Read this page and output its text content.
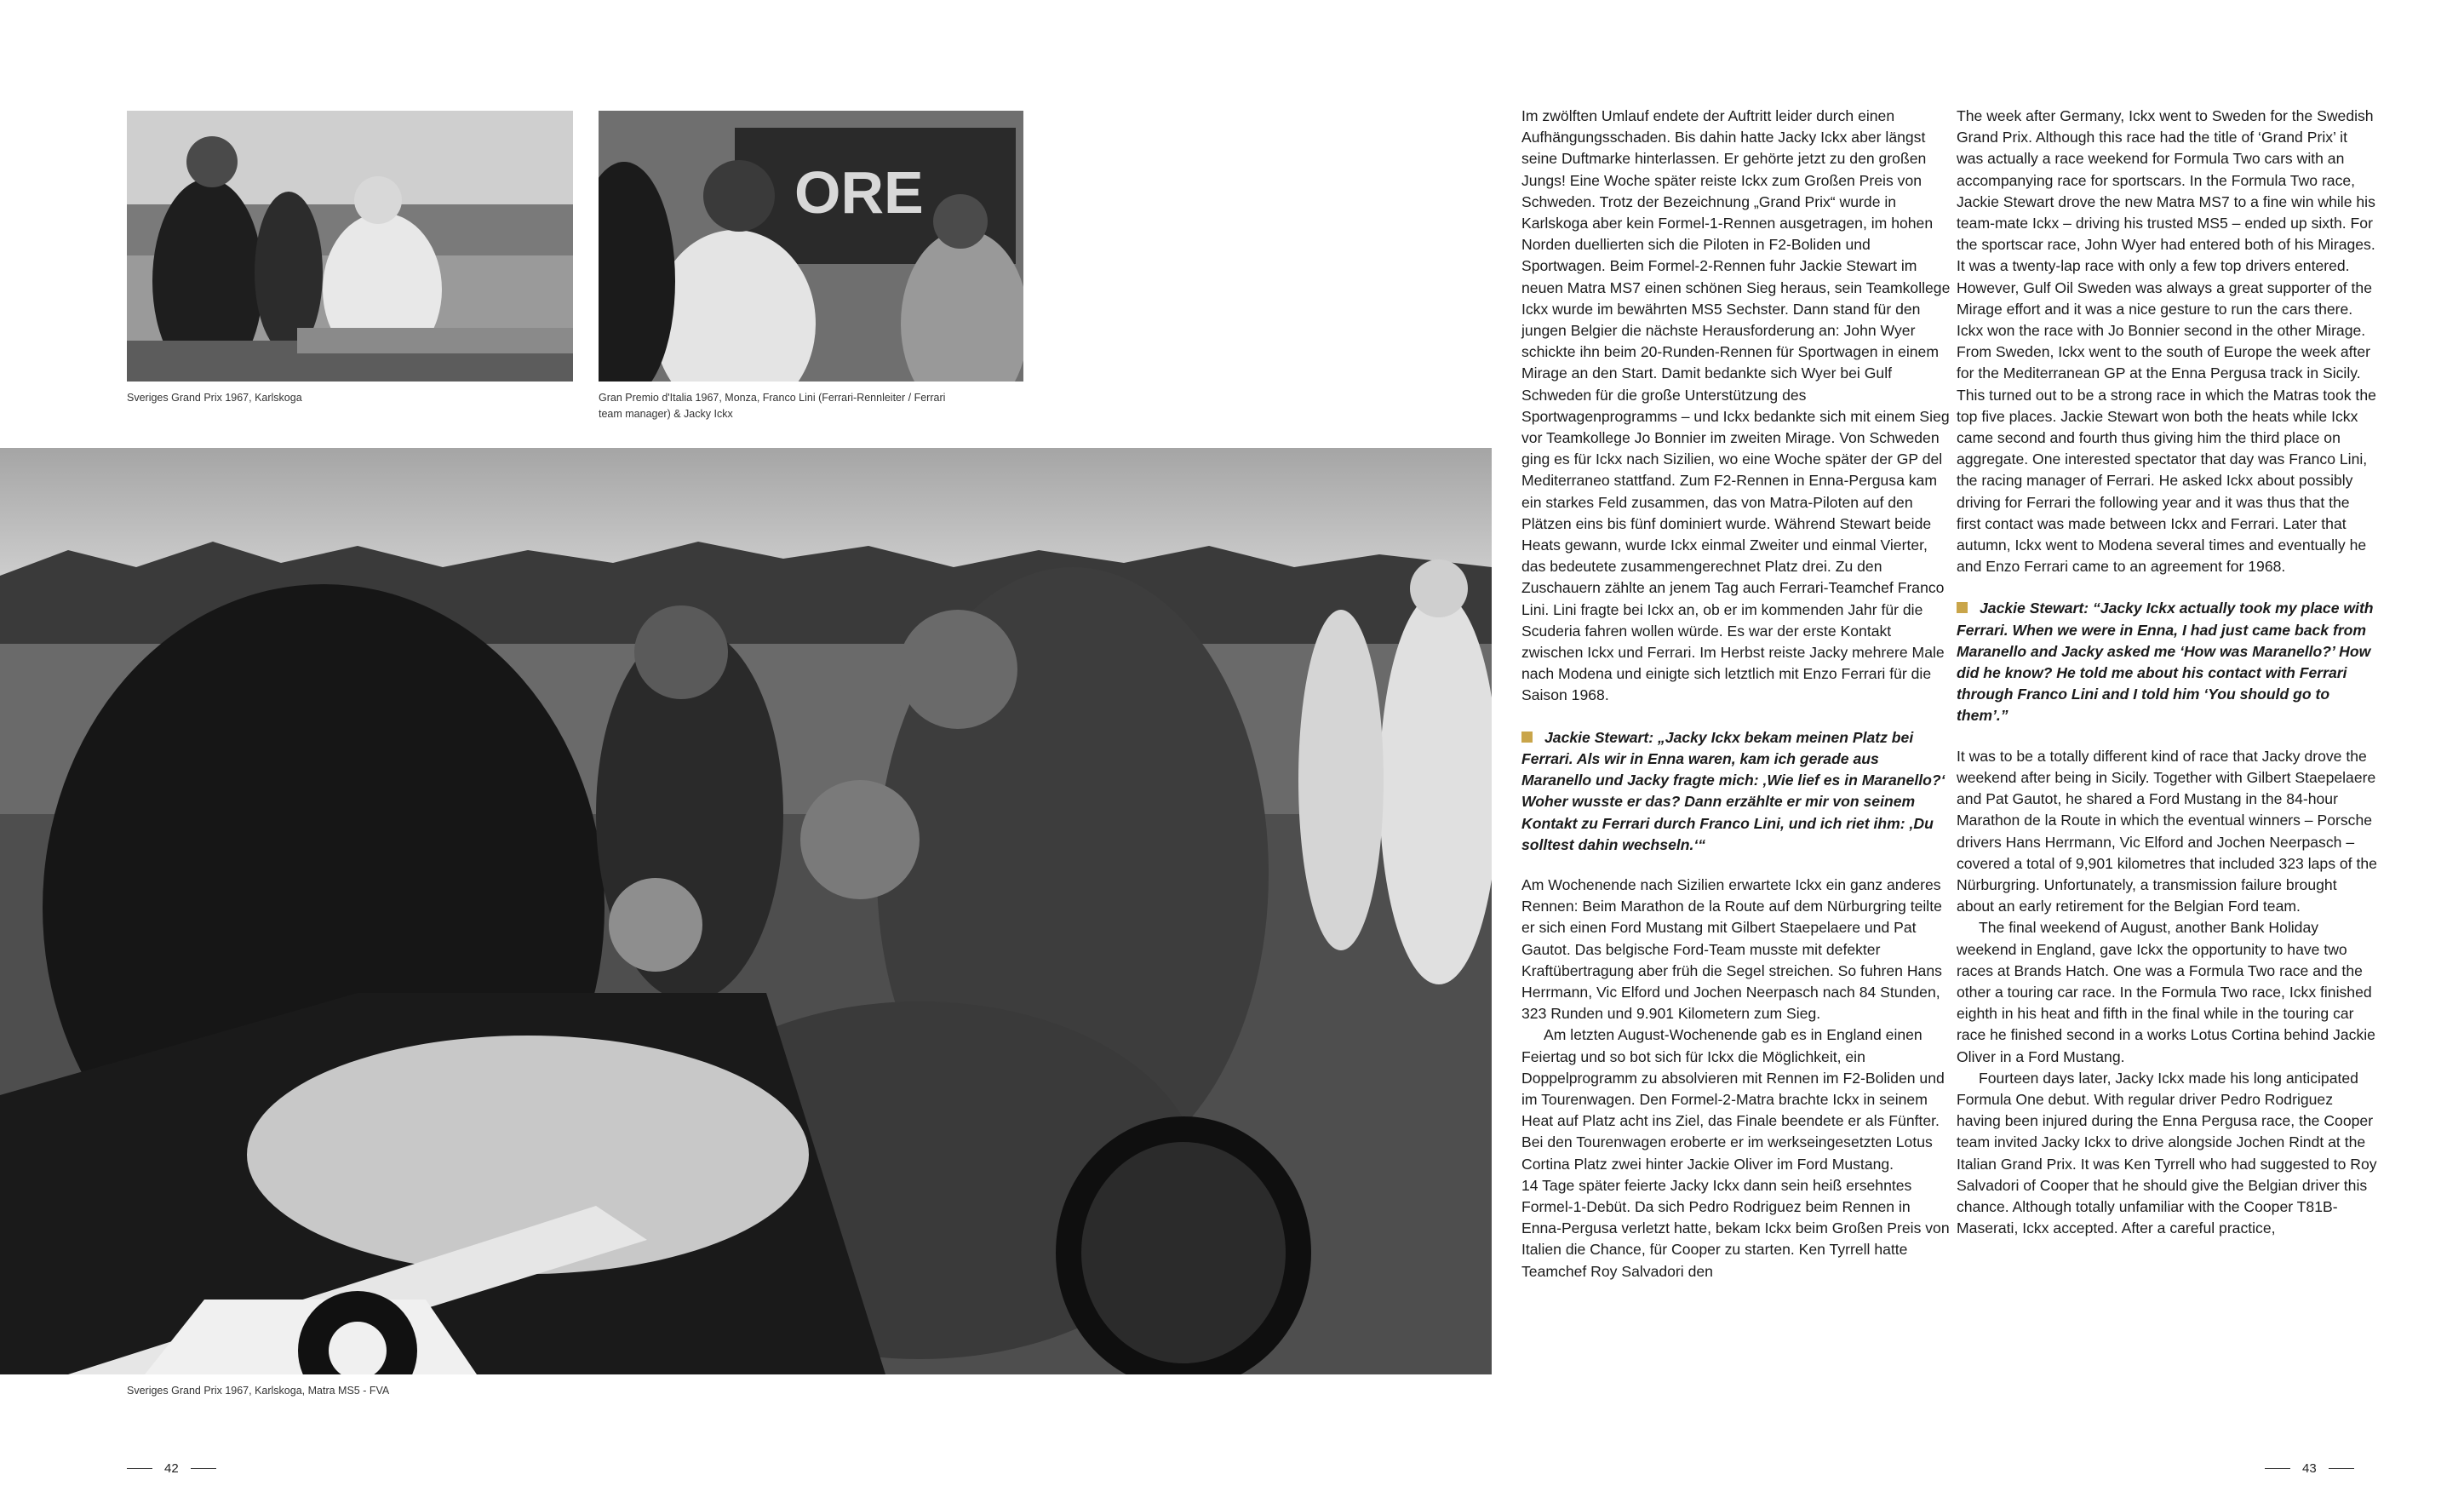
Sveriges Grand Prix 1967, Karlskoga
ORE
Gran Premio d'Italia 1967, Monza, Franco Lini (Ferrari-Rennleiter / Ferrari
team manager) & Jacky Ickx
Sveriges Grand Prix 1967, Karlskoga, Matra MS5 - FVA
42

Im zwölften Umlauf endete der Auftritt leider durch einen Aufhängungsschaden. Bis dahin hatte Jacky Ickx aber längst seine Duftmarke hinterlassen. Er gehörte jetzt zu den großen Jungs! Eine Woche später reiste Ickx zum Großen Preis von Schweden. Trotz der Bezeichnung „Grand Prix“ wurde in Karlskoga aber kein Formel-1-Rennen ausgetragen, im hohen Norden duellierten sich die Piloten in F2-Boliden und Sportwagen. Beim Formel-2-Rennen fuhr Jackie Stewart im neuen Matra MS7 einen schönen Sieg heraus, sein Teamkollege Ickx wurde im bewährten MS5 Sechster. Dann stand für den jungen Belgier die nächste Herausforderung an: John Wyer schickte ihn beim 20-Runden-Rennen für Sportwagen in einem Mirage an den Start. Damit bedankte sich Wyer bei Gulf Schweden für die große Unterstützung des Sportwagenprogramms – und Ickx bedankte sich mit einem Sieg vor Teamkollege Jo Bonnier im zweiten Mirage. Von Schweden ging es für Ickx nach Sizilien, wo eine Woche später der GP del Mediterraneo stattfand. Zum F2-Rennen in Enna-Pergusa kam ein starkes Feld zusammen, das von Matra-Piloten auf den Plätzen eins bis fünf dominiert wurde. Während Stewart beide Heats gewann, wurde Ickx einmal Zweiter und einmal Vierter, das bedeutete zusammengerechnet Platz drei. Zu den Zuschauern zählte an jenem Tag auch Ferrari-Teamchef Franco Lini. Lini fragte bei Ickx an, ob er im kommenden Jahr für die Scuderia fahren wollen würde. Es war der erste Kontakt zwischen Ickx und Ferrari. Im Herbst reiste Jacky mehrere Male nach Modena und einigte sich letztlich mit Enzo Ferrari für die Saison 1968.

Jackie Stewart: „Jacky Ickx bekam meinen Platz bei Ferrari. Als wir in Enna waren, kam ich gerade aus Maranello und Jacky fragte mich: ‚Wie lief es in Maranello?‘ Woher wusste er das? Dann erzählte er mir von seinem Kontakt zu Ferrari durch Franco Lini, und ich riet ihm: ‚Du solltest dahin wechseln.‘“

Am Wochenende nach Sizilien erwartete Ickx ein ganz anderes Rennen: Beim Marathon de la Route auf dem Nürburgring teilte er sich einen Ford Mustang mit Gilbert Staepelaere und Pat Gautot. Das belgische Ford-Team musste mit defekter Kraftübertragung aber früh die Segel streichen. So fuhren Hans Herrmann, Vic Elford und Jochen Neerpasch nach 84 Stunden, 323 Runden und 9.901 Kilometern zum Sieg.

Am letzten August-Wochenende gab es in England einen Feiertag und so bot sich für Ickx die Möglichkeit, ein Doppelprogramm zu absolvieren mit Rennen im F2-Boliden und im Tourenwagen. Den Formel-2-Matra brachte Ickx in seinem Heat auf Platz acht ins Ziel, das Finale beendete er als Fünfter. Bei den Tourenwagen eroberte er im werkseingesetzten Lotus Cortina Platz zwei hinter Jackie Oliver im Ford Mustang.

14 Tage später feierte Jacky Ickx dann sein heiß ersehntes Formel-1-Debüt. Da sich Pedro Rodriguez beim Rennen in Enna-Pergusa verletzt hatte, bekam Ickx beim Großen Preis von Italien die Chance, für Cooper zu starten. Ken Tyrrell hatte Teamchef Roy Salvadori den

The week after Germany, Ickx went to Sweden for the Swedish Grand Prix. Although this race had the title of ‘Grand Prix’ it was actually a race weekend for Formula Two cars with an accompanying race for sportscars. In the Formula Two race, Jackie Stewart drove the new Matra MS7 to a fine win while his team-mate Ickx – driving his trusted MS5 – ended up sixth. For the sportscar race, John Wyer had entered both of his Mirages. It was a twenty-lap race with only a few top drivers entered. However, Gulf Oil Sweden was always a great supporter of the Mirage effort and it was a nice gesture to run the cars there. Ickx won the race with Jo Bonnier second in the other Mirage. From Sweden, Ickx went to the south of Europe the week after for the Mediterranean GP at the Enna Pergusa track in Sicily. This turned out to be a strong race in which the Matras took the top five places. Jackie Stewart won both the heats while Ickx came second and fourth thus giving him the third place on aggregate. One interested spectator that day was Franco Lini, the racing manager of Ferrari. He asked Ickx about possibly driving for Ferrari the following year and it was thus that the first contact was made between Ickx and Ferrari. Later that autumn, Ickx went to Modena several times and eventually he and Enzo Ferrari came to an agreement for 1968.

Jackie Stewart: “Jacky Ickx actually took my place with Ferrari. When we were in Enna, I had just came back from Maranello and Jacky asked me ‘How was Maranello?’ How did he know? He told me about his contact with Ferrari through Franco Lini and I told him ‘You should go to them’.”

It was to be a totally different kind of race that Jacky drove the weekend after being in Sicily. Together with Gilbert Staepelaere and Pat Gautot, he shared a Ford Mustang in the 84-hour Marathon de la Route in which the eventual winners – Porsche drivers Hans Herrmann, Vic Elford and Jochen Neerpasch – covered a total of 9,901 kilometres that included 323 laps of the Nürburgring. Unfortunately, a transmission failure brought about an early retirement for the Belgian Ford team.

The final weekend of August, another Bank Holiday weekend in England, gave Ickx the opportunity to have two races at Brands Hatch. One was a Formula Two race and the other a touring car race. In the Formula Two race, Ickx finished eighth in his heat and fifth in the final while in the touring car race he finished second in a works Lotus Cortina behind Jackie Oliver in a Ford Mustang.

Fourteen days later, Jacky Ickx made his long anticipated Formula One debut. With regular driver Pedro Rodriguez having been injured during the Enna Pergusa race, the Cooper team invited Jacky Ickx to drive alongside Jochen Rindt at the Italian Grand Prix. It was Ken Tyrrell who had suggested to Roy Salvadori of Cooper that he should give the Belgian driver this chance. Although totally unfamiliar with the Cooper T81B-Maserati, Ickx accepted. After a careful practice,

43
